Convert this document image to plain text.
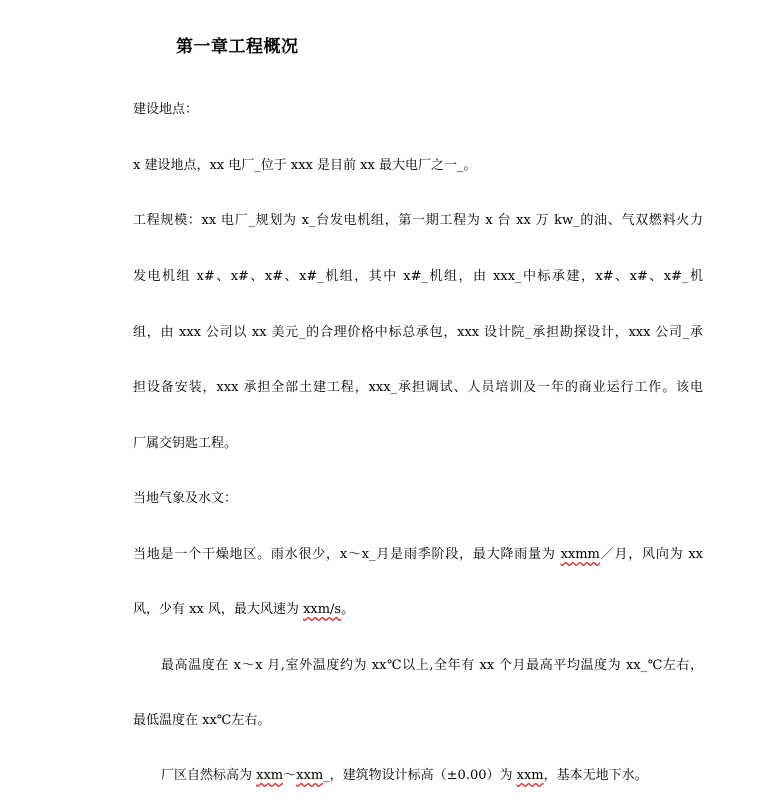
第一章工程概况
建设地点：
x 建设地点，xx 电厂_位于 xxx 是目前 xx 最大电厂之一_。
工程规模：xx 电厂_规划为 x_台发电机组，第一期工程为 x 台 xx 万 kw_的油、气双燃料火力
发电机组 x#、x#、x#、x#_机组，其中 x#_机组，由 xxx_中标承建，x#、x#、x#_机
组，由 xxx 公司以 xx 美元_的合理价格中标总承包，xxx 设计院_承担勘探设计，xxx 公司_承
担设备安装，xxx 承担全部土建工程，xxx_承担调试、人员培训及一年的商业运行工作。该电
厂属交钥匙工程。
当地气象及水文：
当地是一个干燥地区。雨水很少，x～x_月是雨季阶段，最大降雨量为 xxmm／月，风向为 xx
风，少有 xx 风，最大风速为 xxm/s。
最高温度在 x～x 月,室外温度约为 xx℃以上,全年有 xx 个月最高平均温度为 xx_℃左右，
最低温度在 xx℃左右。
厂区自然标高为 xxm～xxm_，建筑物设计标高（±0.00）为 xxm，基本无地下水。
